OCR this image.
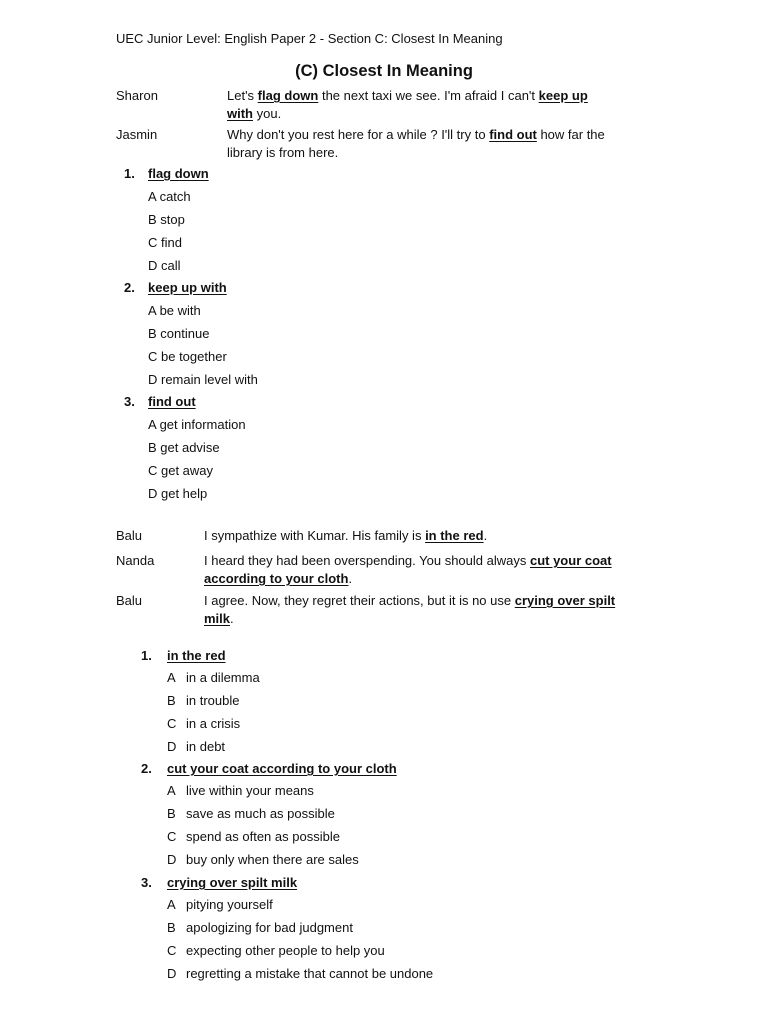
UEC Junior Level: English Paper 2 - Section C: Closest In Meaning
(C) Closest In Meaning
Sharon	Let's flag down the next taxi we see. I'm afraid I can't keep up
with you.
Jasmin	Why don't you rest here for a while ? I'll try to find out how far the
library is from here.
1. flag down
A catch
B stop
C find
D call
2. keep up with
A be with
B continue
C be together
D remain level with
3. find out
A get information
B get advise
C get away
D get help
Balu	I sympathize with Kumar. His family is in the red.
Nanda	I heard they had been overspending. You should always cut your coat
according to your cloth.
Balu	I agree. Now, they regret their actions, but it is no use crying over spilt
milk.
1. in the red
A in a dilemma
B in trouble
C in a crisis
D in debt
2. cut your coat according to your cloth
A live within your means
B save as much as possible
C spend as often as possible
D buy only when there are sales
3. crying over spilt milk
A pitying yourself
B apologizing for bad judgment
C expecting other people to help you
D regretting a mistake that cannot be undone
